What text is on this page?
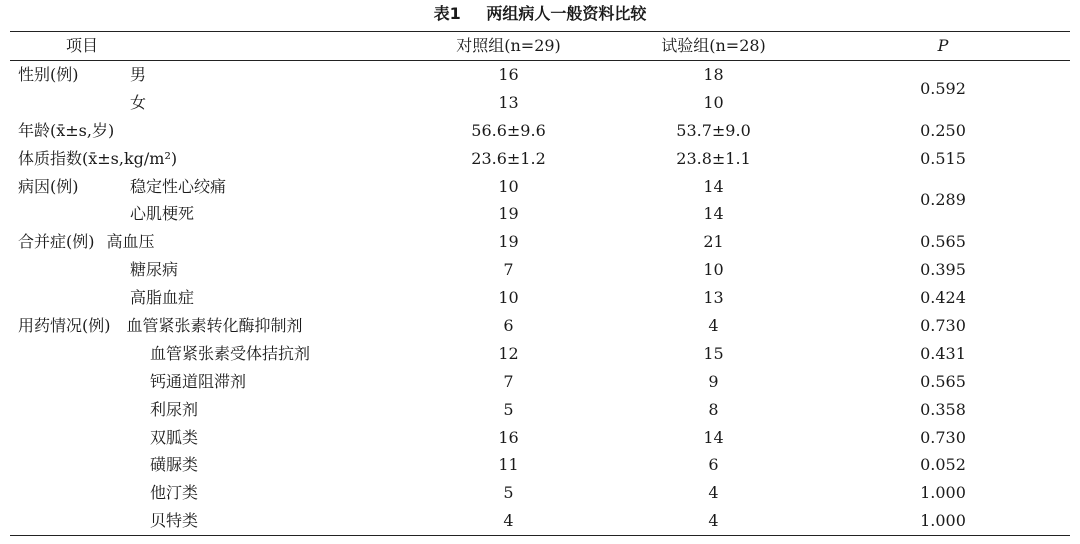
表1 两组病人一般资料比较
项目		对照组(n=29)	试验组(n=28)	P
性别(例)	男	16	18	0.592
	女	13	10	
年龄(x̄±s,岁)		56.6±9.6	53.7±9.0	0.250
体质指数(x̄±s,kg/m²)		23.6±1.2	23.8±1.1	0.515
病因(例)	稳定性心绞痛	10	14	0.289
	心肌梗死	19	14	
合并症(例) 高血压		19	21	0.565
糖尿病		7	10	0.395
高脂血症		10	13	0.424
用药情况(例) 血管紧张素转化酶抑制剂		6	4	0.730
血管紧张素受体拮抗剂		12	15	0.431
钙通道阻滞剂		7	9	0.565
利尿剂		5	8	0.358
双胍类		16	14	0.730
磺脲类		11	6	0.052
他汀类		5	4	1.000
贝特类		4	4	1.000
